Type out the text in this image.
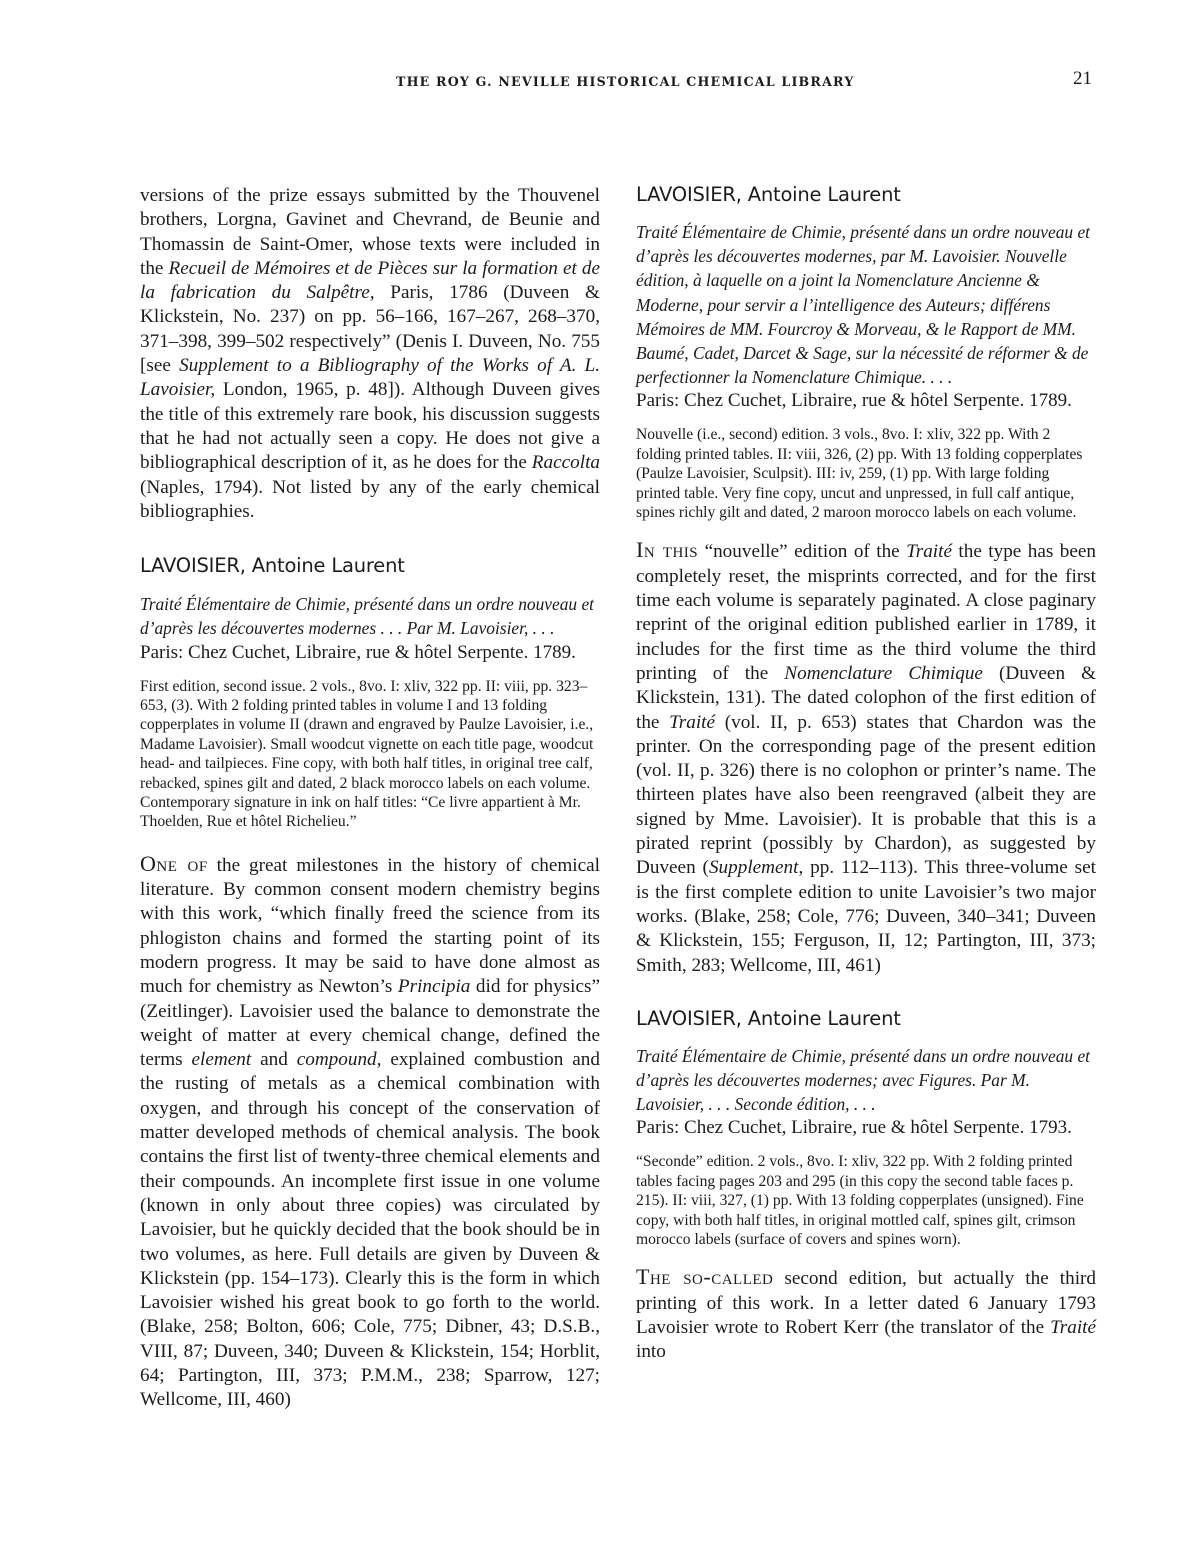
THE ROY G. NEVILLE HISTORICAL CHEMICAL LIBRARY	21

versions of the prize essays submitted by the Thouvenel brothers, Lorgna, Gavinet and Chevrand, de Beunie and Thomassin de Saint-Omer, whose texts were included in the Recueil de Mémoires et de Pièces sur la formation et de la fabrication du Salpêtre, Paris, 1786 (Duveen & Klickstein, No. 237) on pp. 56–166, 167–267, 268–370, 371–398, 399–502 respectively” (Denis I. Duveen, No. 755 [see Supplement to a Bibliography of the Works of A. L. Lavoisier, London, 1965, p. 48]). Although Duveen gives the title of this extremely rare book, his discussion suggests that he had not actually seen a copy. He does not give a bibliographical description of it, as he does for the Raccolta (Naples, 1794). Not listed by any of the early chemical bibliographies.

LAVOISIER, Antoine Laurent

Traité Élémentaire de Chimie, présenté dans un ordre nouveau et d’après les découvertes modernes . . . Par M. Lavoisier, . . .

Paris: Chez Cuchet, Libraire, rue & hôtel Serpente. 1789.

First edition, second issue. 2 vols., 8vo. I: xliv, 322 pp. II: viii, pp. 323–653, (3). With 2 folding printed tables in volume I and 13 folding copperplates in volume II (drawn and engraved by Paulze Lavoisier, i.e., Madame Lavoisier). Small woodcut vignette on each title page, woodcut head- and tailpieces. Fine copy, with both half titles, in original tree calf, rebacked, spines gilt and dated, 2 black morocco labels on each volume. Contemporary signature in ink on half titles: “Ce livre appartient à Mr. Thoelden, Rue et hôtel Richelieu.”

One of the great milestones in the history of chemical literature. By common consent modern chemistry begins with this work, “which finally freed the science from its phlogiston chains and formed the starting point of its modern progress. It may be said to have done almost as much for chemistry as Newton’s Principia did for physics” (Zeitlinger). Lavoisier used the balance to demonstrate the weight of matter at every chemical change, defined the terms element and compound, explained combustion and the rusting of metals as a chemical combination with oxygen, and through his concept of the conservation of matter developed methods of chemical analysis. The book contains the first list of twenty-three chemical elements and their compounds. An incomplete first issue in one volume (known in only about three copies) was circulated by Lavoisier, but he quickly decided that the book should be in two volumes, as here. Full details are given by Duveen & Klickstein (pp. 154–173). Clearly this is the form in which Lavoisier wished his great book to go forth to the world. (Blake, 258; Bolton, 606; Cole, 775; Dibner, 43; D.S.B., VIII, 87; Duveen, 340; Duveen & Klickstein, 154; Horblit, 64; Partington, III, 373; P.M.M., 238; Sparrow, 127; Wellcome, III, 460)

LAVOISIER, Antoine Laurent

Traité Élémentaire de Chimie, présenté dans un ordre nouveau et d’après les découvertes modernes, par M. Lavoisier. Nouvelle édition, à laquelle on a joint la Nomenclature Ancienne & Moderne, pour servir a l’intelligence des Auteurs; différens Mémoires de MM. Fourcroy & Morveau, & le Rapport de MM. Baumé, Cadet, Darcet & Sage, sur la nécessité de réformer & de perfectionner la Nomenclature Chimique. . . .

Paris: Chez Cuchet, Libraire, rue & hôtel Serpente. 1789.

Nouvelle (i.e., second) edition. 3 vols., 8vo. I: xliv, 322 pp. With 2 folding printed tables. II: viii, 326, (2) pp. With 13 folding copperplates (Paulze Lavoisier, Sculpsit). III: iv, 259, (1) pp. With large folding printed table. Very fine copy, uncut and unpressed, in full calf antique, spines richly gilt and dated, 2 maroon morocco labels on each volume.

In this “nouvelle” edition of the Traité the type has been completely reset, the misprints corrected, and for the first time each volume is separately paginated. A close paginary reprint of the original edition published earlier in 1789, it includes for the first time as the third volume the third printing of the Nomenclature Chimique (Duveen & Klickstein, 131). The dated colophon of the first edition of the Traité (vol. II, p. 653) states that Chardon was the printer. On the corresponding page of the present edition (vol. II, p. 326) there is no colophon or printer’s name. The thirteen plates have also been reengraved (albeit they are signed by Mme. Lavoisier). It is probable that this is a pirated reprint (possibly by Chardon), as suggested by Duveen (Supplement, pp. 112–113). This three-volume set is the first complete edition to unite Lavoisier’s two major works. (Blake, 258; Cole, 776; Duveen, 340–341; Duveen & Klickstein, 155; Ferguson, II, 12; Partington, III, 373; Smith, 283; Wellcome, III, 461)

LAVOISIER, Antoine Laurent

Traité Élémentaire de Chimie, présenté dans un ordre nouveau et d’après les découvertes modernes; avec Figures. Par M. Lavoisier, . . . Seconde édition, . . .

Paris: Chez Cuchet, Libraire, rue & hôtel Serpente. 1793.

“Seconde” edition. 2 vols., 8vo. I: xliv, 322 pp. With 2 folding printed tables facing pages 203 and 295 (in this copy the second table faces p. 215). II: viii, 327, (1) pp. With 13 folding copperplates (unsigned). Fine copy, with both half titles, in original mottled calf, spines gilt, crimson morocco labels (surface of covers and spines worn).

The so-called second edition, but actually the third printing of this work. In a letter dated 6 January 1793 Lavoisier wrote to Robert Kerr (the translator of the Traité into
